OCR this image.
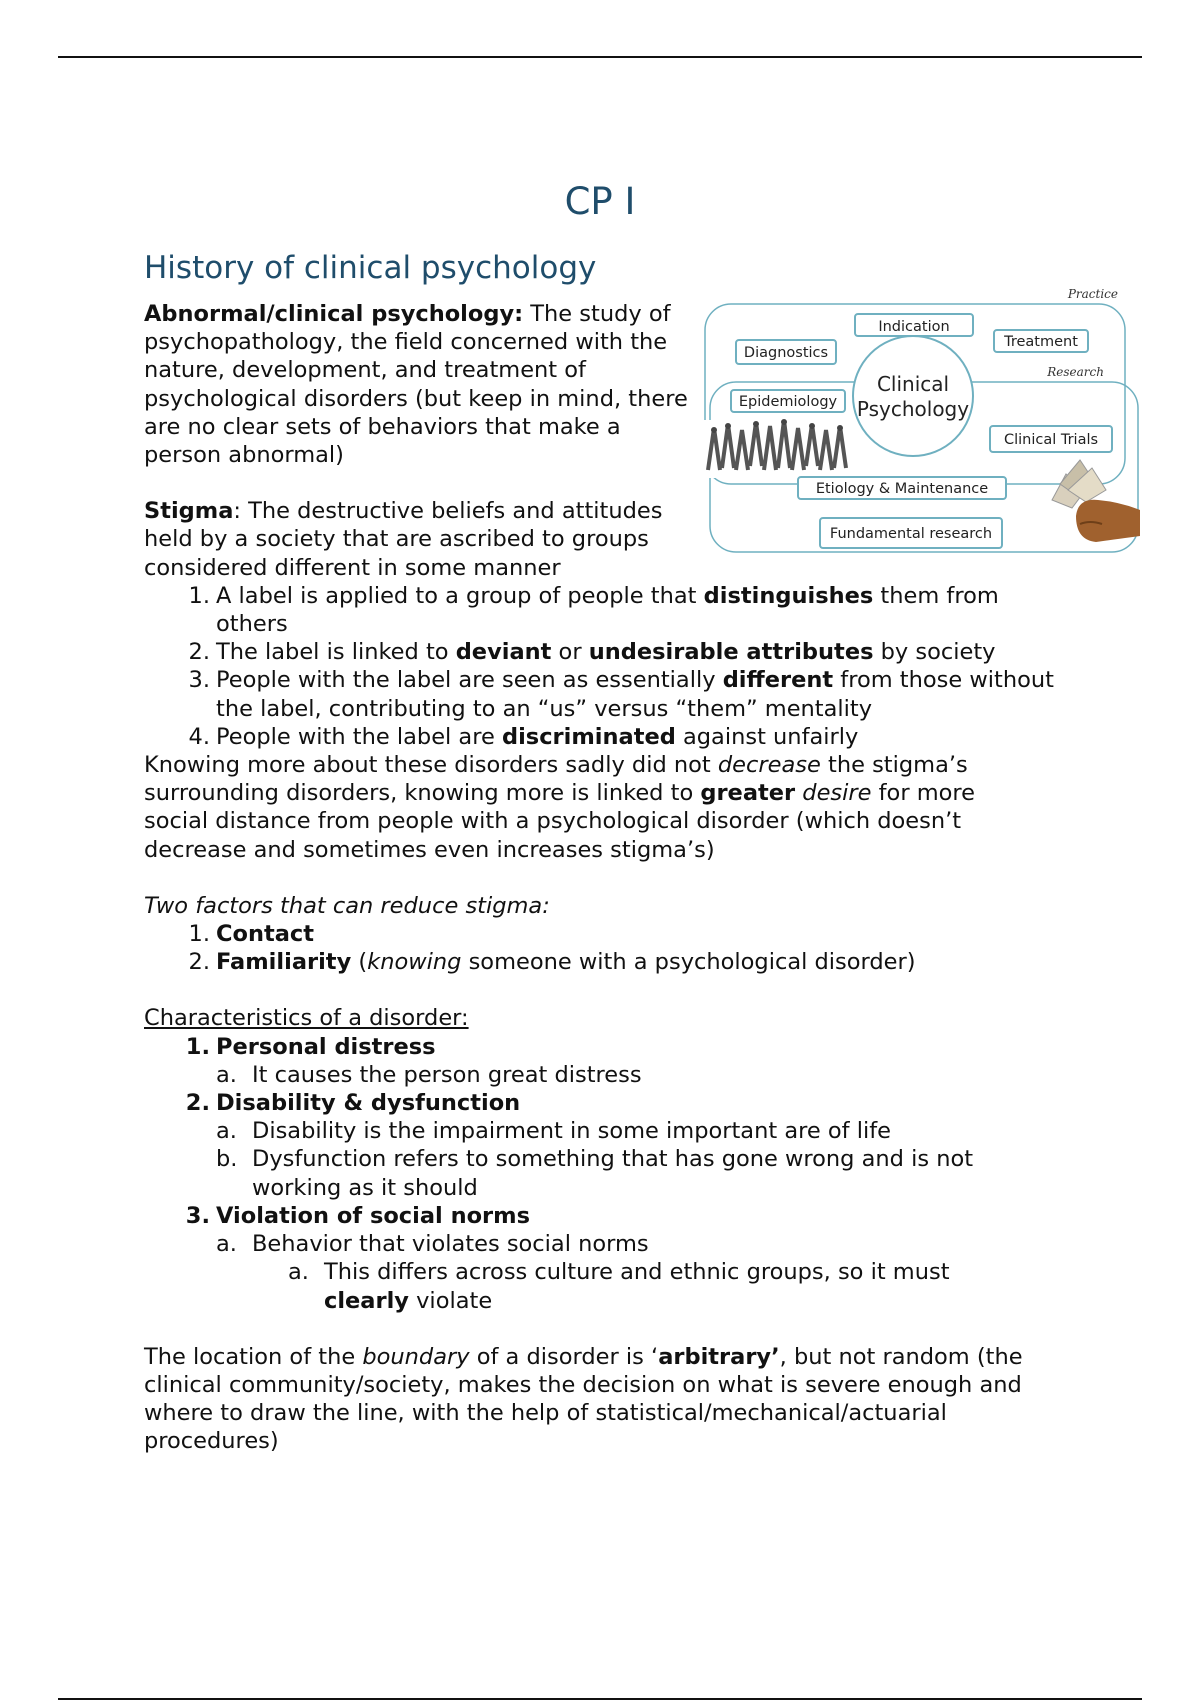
CP I
History of clinical psychology
Practice
Research
Clinical
Psychology
Indication
Diagnostics
Treatment
Epidemiology
Clinical Trials
Etiology & Maintenance
Fundamental research

Abnormal/clinical psychology: The study of psychopathology, the field concerned with the nature, development, and treatment of psychological disorders (but keep in mind, there are no clear sets of behaviors that make a person abnormal)

Stigma: The destructive beliefs and attitudes held by a society that are ascribed to groups considered different in some manner

1. A label is applied to a group of people that distinguishes them from others
2. The label is linked to deviant or undesirable attributes by society
3. People with the label are seen as essentially different from those without the label, contributing to an “us” versus “them” mentality
4. People with the label are discriminated against unfairly

Knowing more about these disorders sadly did not decrease the stigma’s surrounding disorders, knowing more is linked to greater desire for more social distance from people with a psychological disorder (which doesn’t decrease and sometimes even increases stigma’s)

Two factors that can reduce stigma:

1. Contact
2. Familiarity (knowing someone with a psychological disorder)

Characteristics of a disorder:

1. Personal distress
a. It causes the person great distress
2. Disability & dysfunction
a. Disability is the impairment in some important are of life
b. Dysfunction refers to something that has gone wrong and is not working as it should
3. Violation of social norms
a. Behavior that violates social norms
a. This differs across culture and ethnic groups, so it must clearly violate

The location of the boundary of a disorder is ‘arbitrary’, but not random (the clinical community/society, makes the decision on what is severe enough and where to draw the line, with the help of statistical/mechanical/actuarial procedures)
